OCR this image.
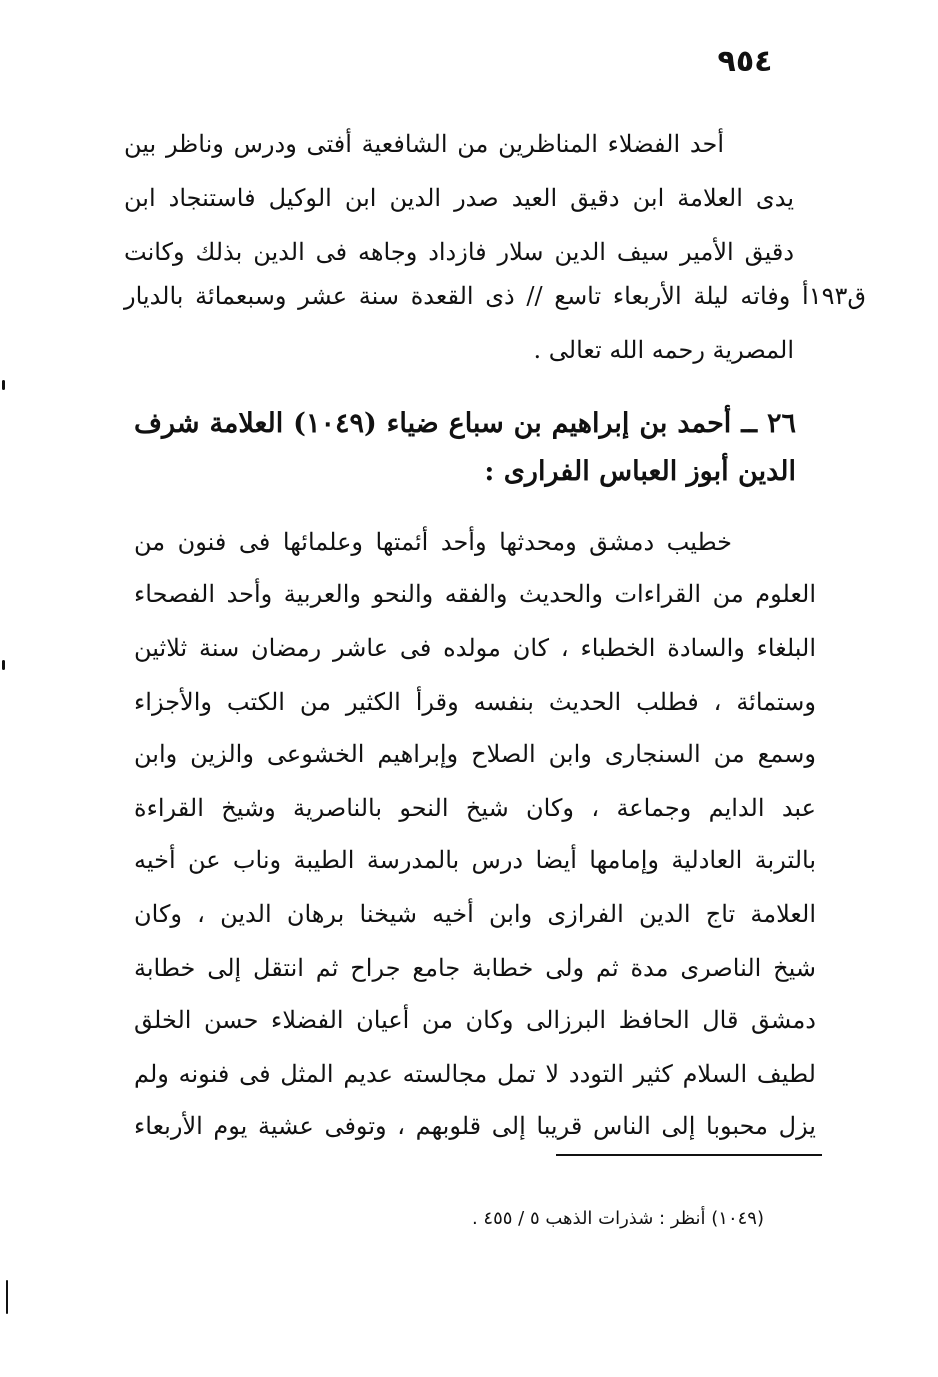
٩٥٤
أحد الفضلاء المناظرين من الشافعية أفتى ودرس وناظر بين
يدى العلامة ابن دقيق العيد صدر الدين ابن الوكيل فاستنجاد ابن
دقيق الأمير سيف الدين سلار فازداد وجاهه فى الدين بذلك وكانت
ق١٩٣أ وفاته ليلة الأربعاء تاسع // ذى القعدة سنة عشر وسبعمائة بالديار
المصرية رحمه الله تعالى .
٢٦ ــ أحمد بن إبراهيم بن سباع ضياء (١٠٤٩) العلامة شرف
الدين أبوز العباس الفرارى :
خطيب دمشق ومحدثها وأحد أئمتها وعلمائها فى فنون من
العلوم من القراءات والحديث والفقه والنحو والعربية وأحد الفصحاء
البلغاء والسادة الخطباء ، كان مولده فى عاشر رمضان سنة ثلاثين
وستمائة ، فطلب الحديث بنفسه وقرأ الكثير من الكتب والأجزاء
وسمع من السنجارى وابن الصلاح وإبراهيم الخشوعى والزين وابن
عبد الدايم وجماعة ، وكان شيخ النحو بالناصرية وشيخ القراءة
بالتربة العادلية وإمامها أيضا درس بالمدرسة الطيبة وناب عن أخيه
العلامة تاج الدين الفرازى وابن أخيه شيخنا برهان الدين ، وكان
شيخ الناصرى مدة ثم ولى خطابة جامع جراح ثم انتقل إلى خطابة
دمشق قال الحافظ البرزالى وكان من أعيان الفضلاء حسن الخلق
لطيف السلام كثير التودد لا تمل مجالسته عديم المثل فى فنونه ولم
يزل محبوبا إلى الناس قريبا إلى قلوبهم ، وتوفى عشية يوم الأربعاء
(١٠٤٩) أنظر : شذرات الذهب ٥ / ٤٥٥ .
